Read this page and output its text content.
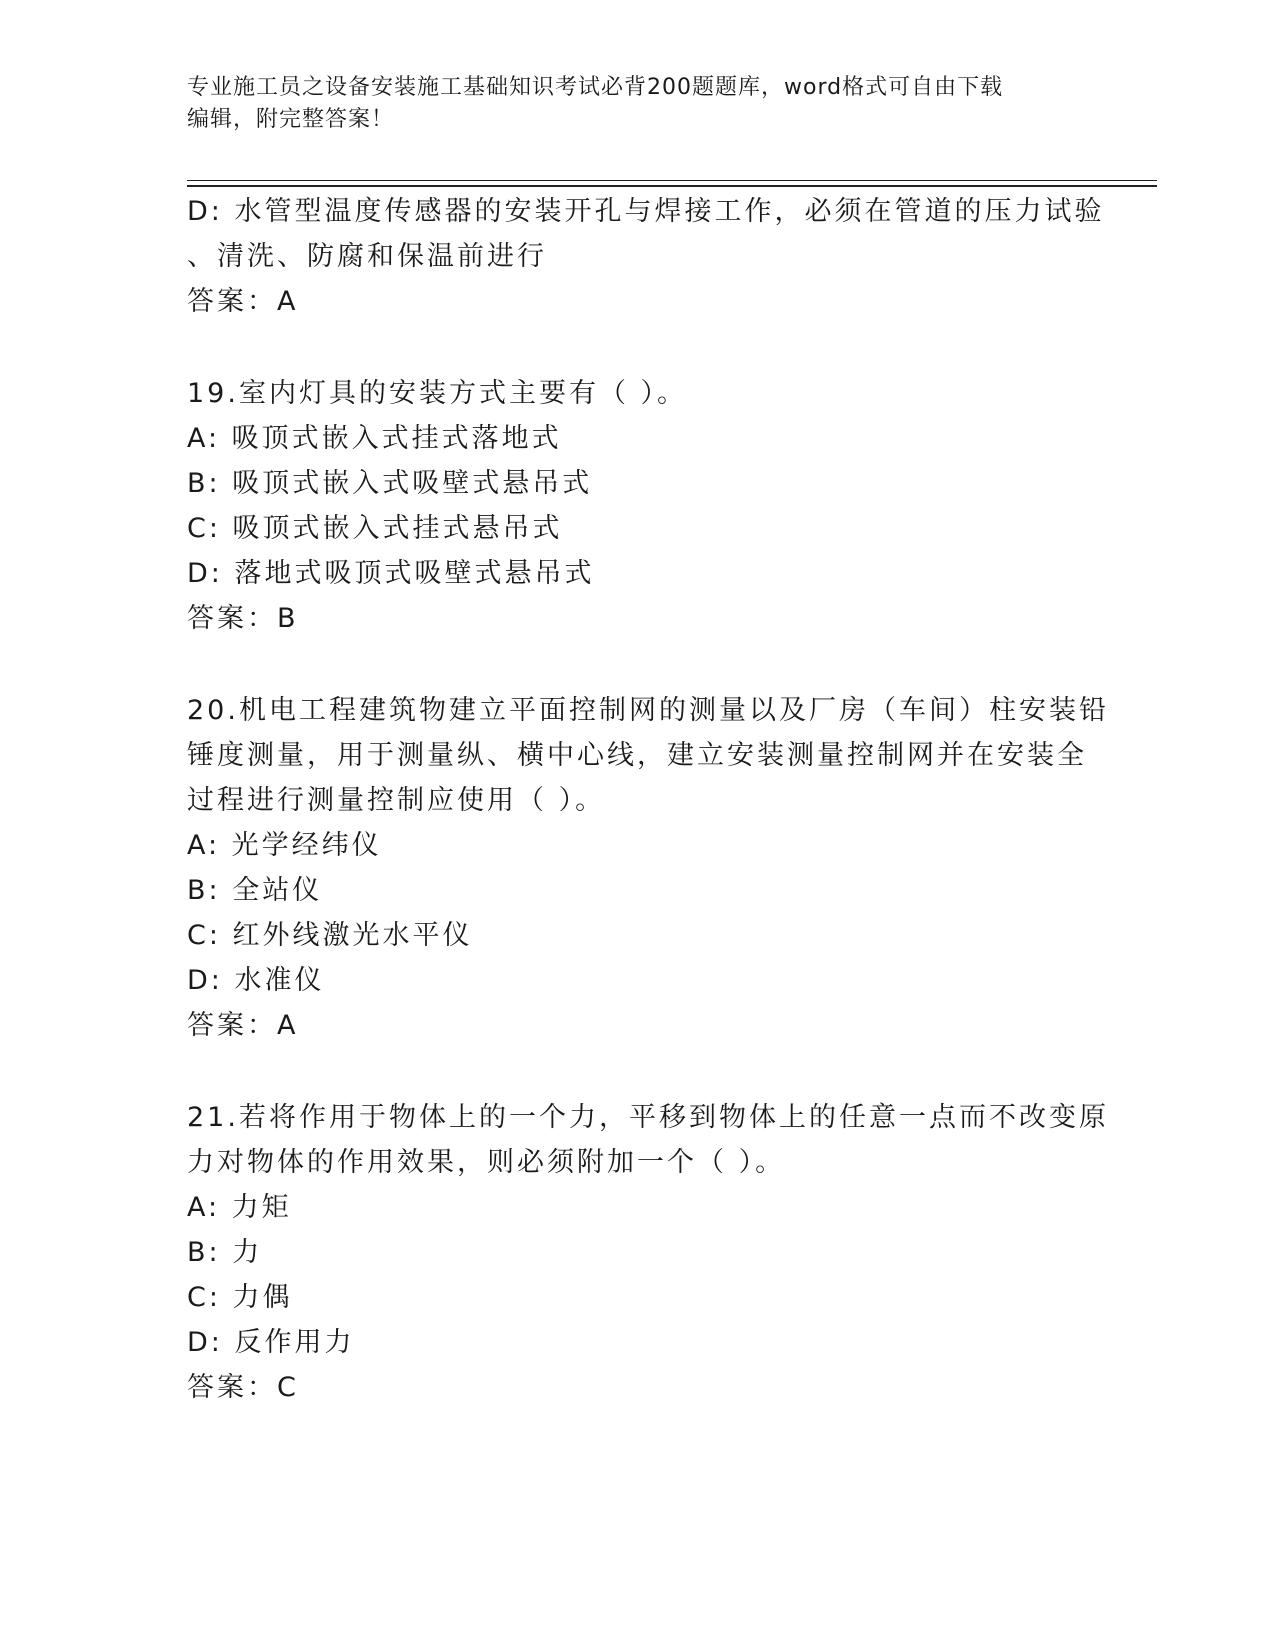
专业施工员之设备安装施工基础知识考试必背200题题库，word格式可自由下载
编辑，附完整答案！
D: 水管型温度传感器的安装开孔与焊接工作，必须在管道的压力试验
、清洗、防腐和保温前进行
答案：A
19.室内灯具的安装方式主要有（ ）。
A: 吸顶式嵌入式挂式落地式
B: 吸顶式嵌入式吸壁式悬吊式
C: 吸顶式嵌入式挂式悬吊式
D: 落地式吸顶式吸壁式悬吊式
答案：B
20.机电工程建筑物建立平面控制网的测量以及厂房（车间）柱安装铅
锤度测量，用于测量纵、横中心线，建立安装测量控制网并在安装全
过程进行测量控制应使用（ ）。
A: 光学经纬仪
B: 全站仪
C: 红外线激光水平仪
D: 水准仪
答案：A
21.若将作用于物体上的一个力，平移到物体上的任意一点而不改变原
力对物体的作用效果，则必须附加一个（ ）。
A: 力矩
B: 力
C: 力偶
D: 反作用力
答案：C
